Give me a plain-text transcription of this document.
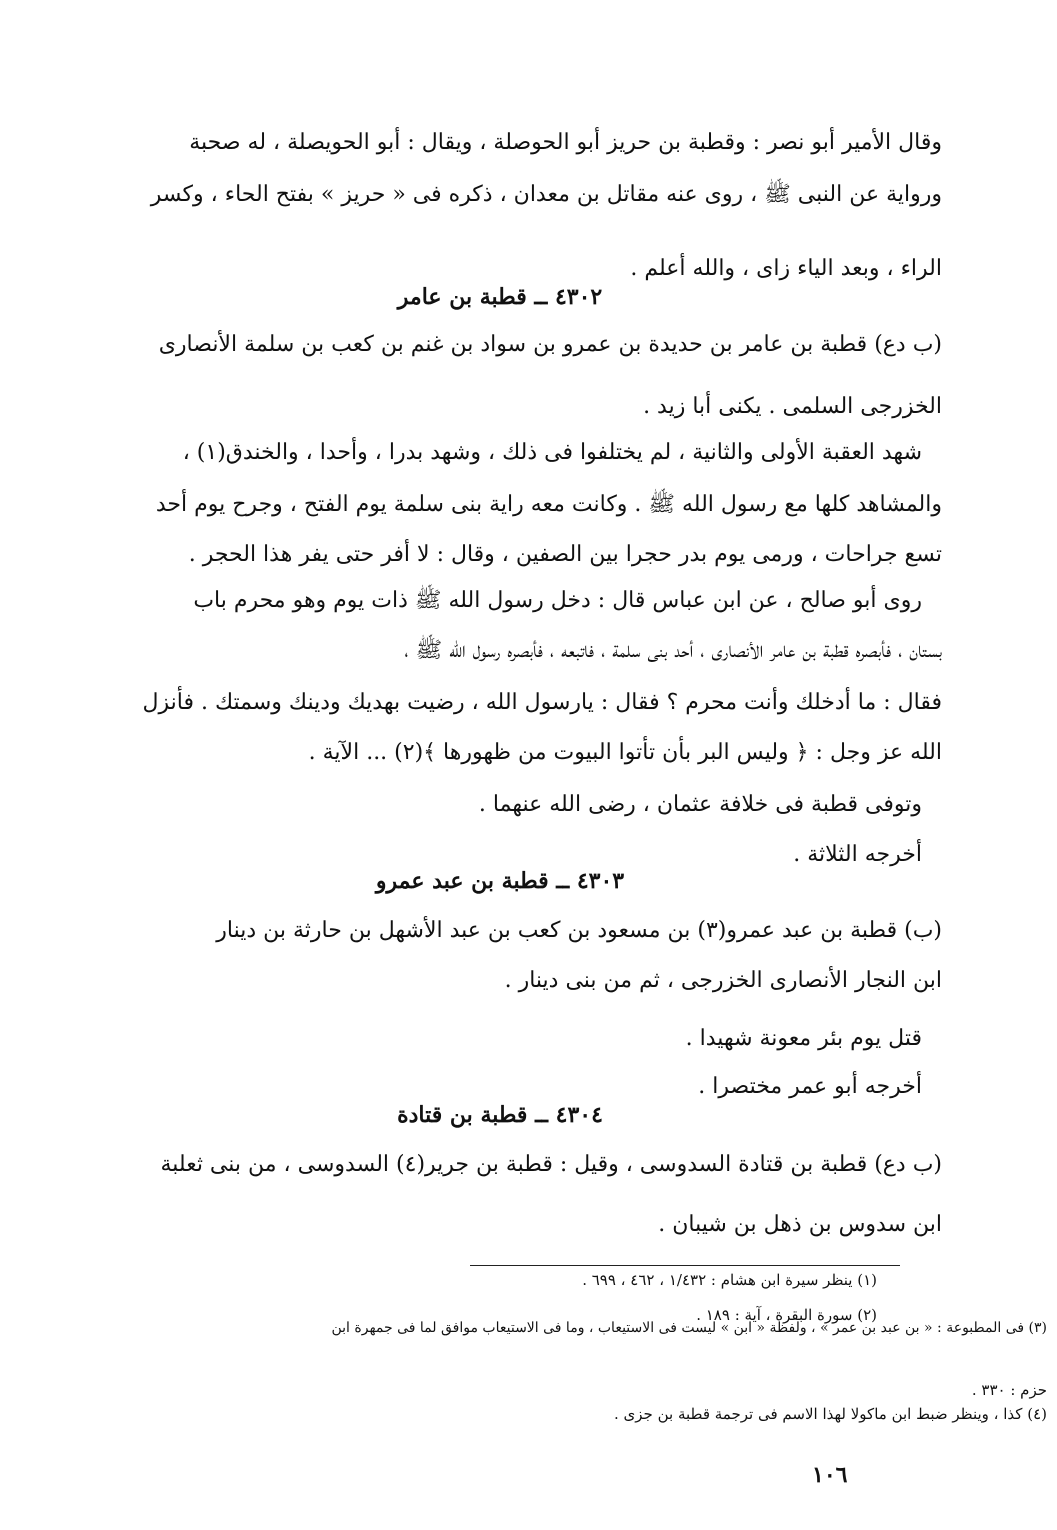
وقال الأمير أبو نصر : وقطبة بن حريز أبو الحوصلة ، ويقال : أبو الحويصلة ، له صحبة
ورواية عن النبى ﷺ ، روى عنه مقاتل بن معدان ، ذكره فى « حريز » بفتح الحاء ، وكسر
الراء ، وبعد الياء زاى ، والله أعلم .
٤٣٠٢ ــ قطبة بن عامر
(ب دع) قطبة بن عامر بن حديدة بن عمرو بن سواد بن غنم بن كعب بن سلمة الأنصارى
الخزرجى السلمى . يكنى أبا زيد .
شهد العقبة الأولى والثانية ، لم يختلفوا فى ذلك ، وشهد بدرا ، وأحدا ، والخندق(١) ،
والمشاهد كلها مع رسول الله ﷺ . وكانت معه راية بنى سلمة يوم الفتح ، وجرح يوم أحد
تسع جراحات ، ورمى يوم بدر حجرا بين الصفين ، وقال : لا أفر حتى يفر هذا الحجر .
روى أبو صالح ، عن ابن عباس قال : دخل رسول الله ﷺ ذات يوم وهو محرم باب
بستان ، فأبصره قطبة بن عامر الأنصارى ، أحد بنى سلمة ، فاتبعه ، فأبصره رسول الله ﷺ ،
فقال : ما أدخلك وأنت محرم ؟ فقال : يارسول الله ، رضيت بهديك ودينك وسمتك . فأنزل
الله عز وجل : ﴿ وليس البر بأن تأتوا البيوت من ظهورها ﴾(٢) ... الآية .
وتوفى قطبة فى خلافة عثمان ، رضى الله عنهما .
أخرجه الثلاثة .
٤٣٠٣ ــ قطبة بن عبد عمرو
(ب) قطبة بن عبد عمرو(٣) بن مسعود بن كعب بن عبد الأشهل بن حارثة بن دينار
ابن النجار الأنصارى الخزرجى ، ثم من بنى دينار .
قتل يوم بئر معونة شهيدا .
أخرجه أبو عمر مختصرا .
٤٣٠٤ ــ قطبة بن قتادة
(ب دع) قطبة بن قتادة السدوسى ، وقيل : قطبة بن جرير(٤) السدوسى ، من بنى ثعلبة
ابن سدوس بن ذهل بن شيبان .
(١) ينظر سيرة ابن هشام : ١/٤٣٢ ، ٤٦٢ ، ٦٩٩ .
(٢) سورة البقرة ، آية : ١٨٩ .
(٣) فى المطبوعة : « بن عبد بن عمر » ، ولفظة « ابن » ليست فى الاستيعاب ، وما فى الاستيعاب موافق لما فى جمهرة ابن
حزم : ٣٣٠ .
(٤) كذا ، وينظر ضبط ابن ماكولا لهذا الاسم فى ترجمة قطبة بن جزى .
١٠٦
